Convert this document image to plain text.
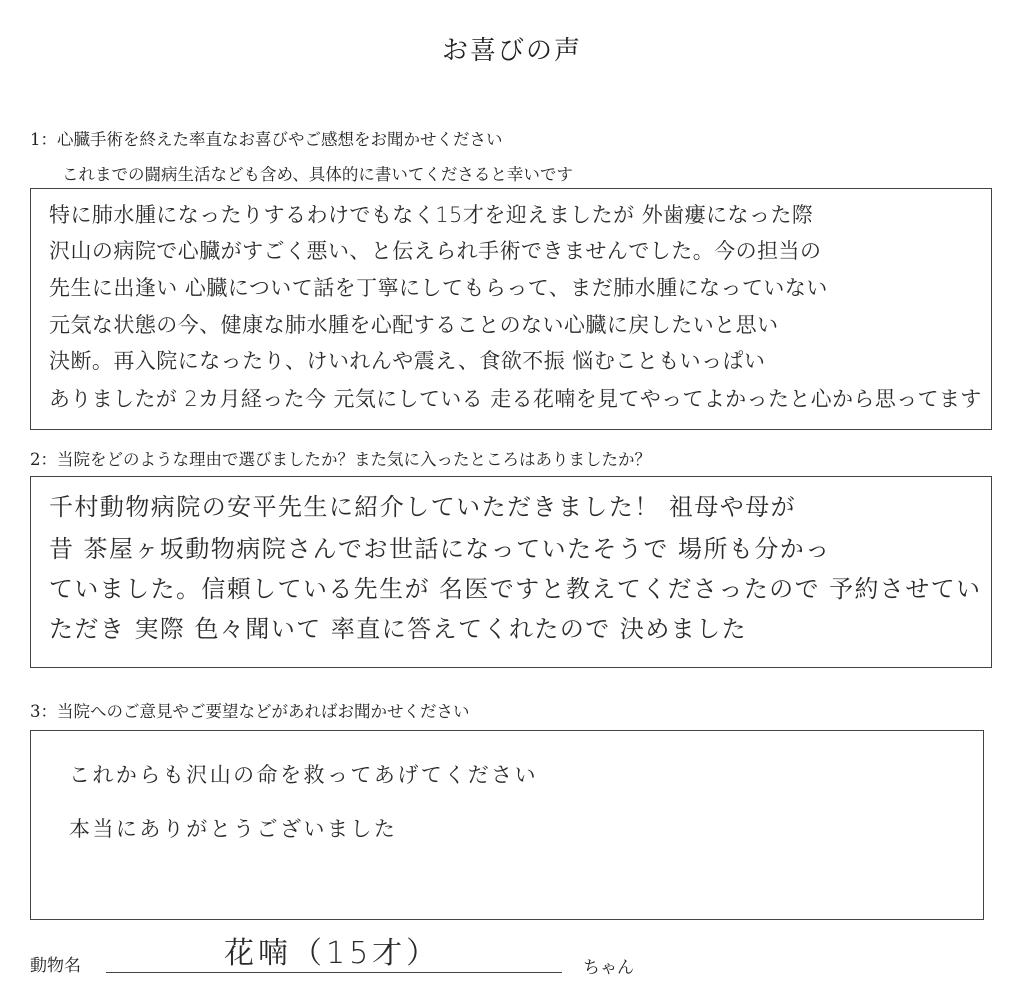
お喜びの声
1：心臓手術を終えた率直なお喜びやご感想をお聞かせください
これまでの闘病生活なども含め、具体的に書いてくださると幸いです
特に肺水腫になったりするわけでもなく15才を迎えましたが 外歯瘻になった際
沢山の病院で心臓がすごく悪い、と伝えられ手術できませんでした。今の担当の
先生に出逢い 心臓について話を丁寧にしてもらって、まだ肺水腫になっていない
元気な状態の今、健康な肺水腫を心配することのない心臓に戻したいと思い
決断。再入院になったり、けいれんや震え、食欲不振 悩むこともいっぱい
ありましたが 2カ月経った今 元気にしている 走る花喃を見てやってよかったと心から思ってます
2：当院をどのような理由で選びましたか？また気に入ったところはありましたか？
千村動物病院の安平先生に紹介していただきました！ 祖母や母が
昔 茶屋ヶ坂動物病院さんでお世話になっていたそうで 場所も分かっ
ていました。信頼している先生が 名医ですと教えてくださったので 予約させてい
ただき 実際 色々聞いて 率直に答えてくれたので 決めました
3：当院へのご意見やご要望などがあればお聞かせください
これからも沢山の命を救ってあげてください
本当にありがとうございました
動物名	花喃（15才）	ちゃん
